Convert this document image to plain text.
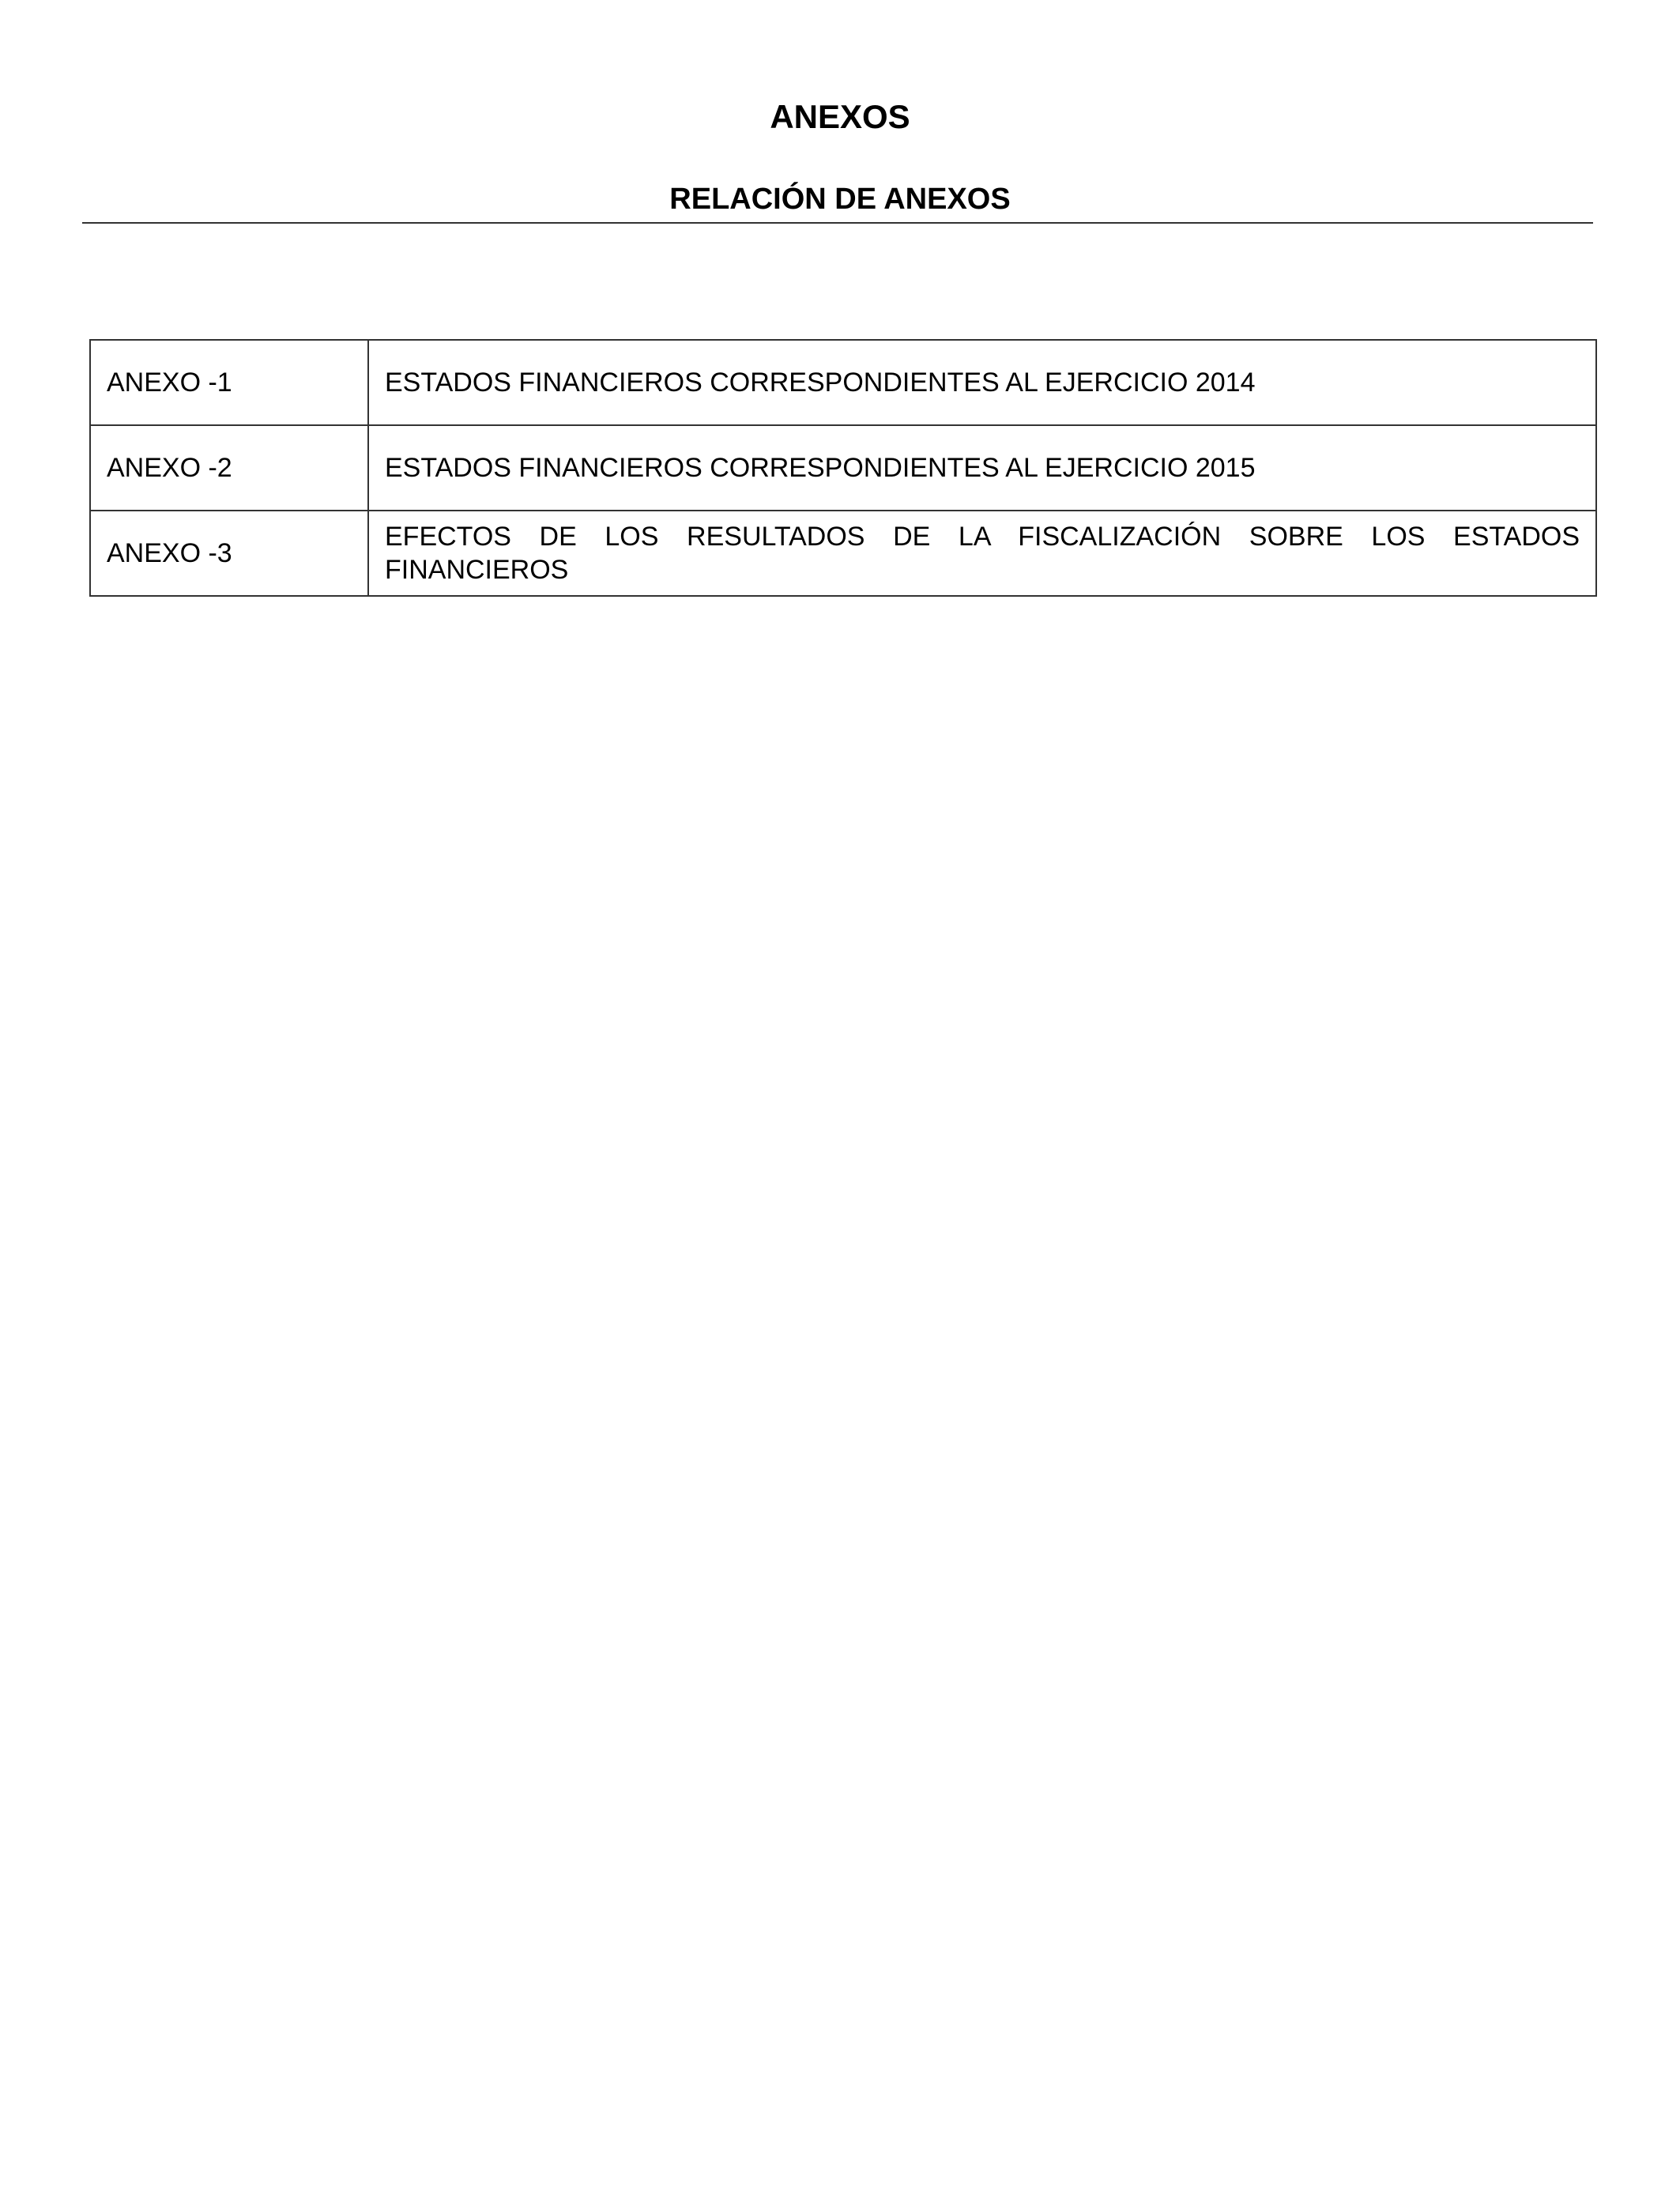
ANEXOS
RELACIÓN DE ANEXOS
ANEXO -1	ESTADOS FINANCIEROS CORRESPONDIENTES AL EJERCICIO 2014
ANEXO -2	ESTADOS FINANCIEROS CORRESPONDIENTES AL EJERCICIO 2015
ANEXO -3	EFECTOS DE LOS RESULTADOS DE LA FISCALIZACIÓN SOBRE LOS ESTADOS FINANCIEROS
